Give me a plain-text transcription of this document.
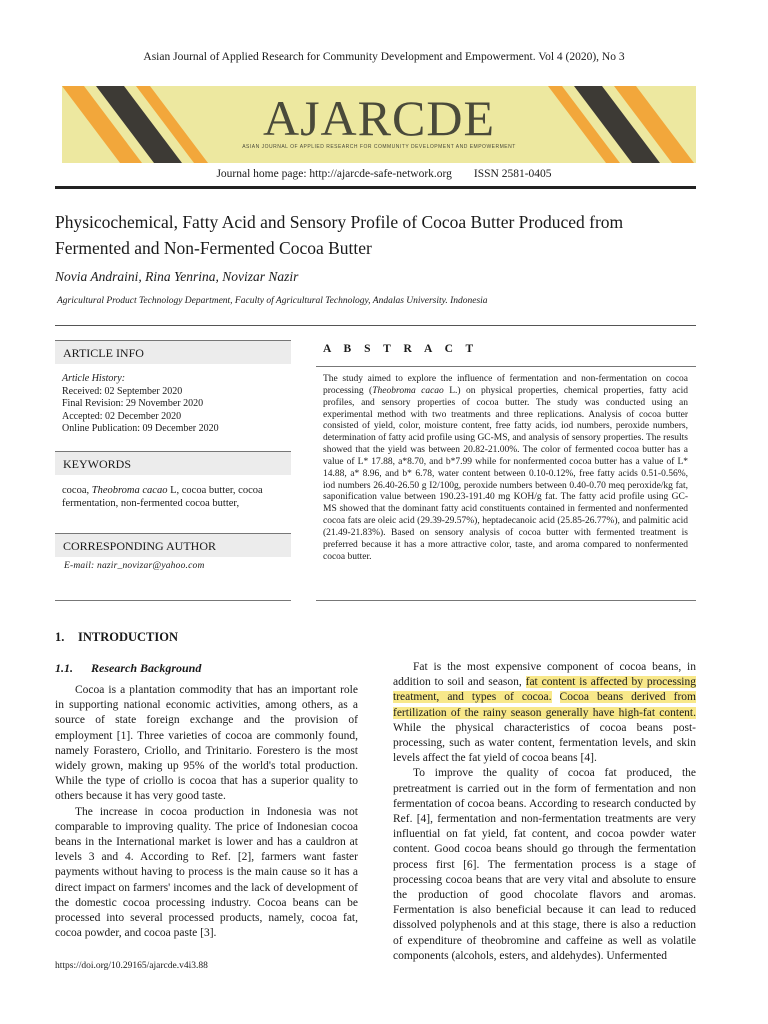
Asian Journal of Applied Research for Community Development and Empowerment. Vol 4 (2020), No 3
AJARCDE
ASIAN JOURNAL OF APPLIED RESEARCH FOR COMMUNITY DEVELOPMENT AND EMPOWERMENT
Journal home page: http://ajarcde-safe-network.org ISSN 2581-0405
Physicochemical, Fatty Acid and Sensory Profile of Cocoa Butter Produced from
Fermented and Non-Fermented Cocoa Butter
Novia Andraini, Rina Yenrina, Novizar Nazir
Agricultural Product Technology Department, Faculty of Agricultural Technology, Andalas University. Indonesia
ARTICLE INFO
Article History:
Received: 02 September 2020
Final Revision: 29 November 2020
Accepted: 02 December 2020
Online Publication: 09 December 2020
KEYWORDS
cocoa, Theobroma cacao L, cocoa butter, cocoa fermentation, non-fermented cocoa butter,
CORRESPONDING AUTHOR
E-mail: nazir_novizar@yahoo.com
A B S T R A C T
The study aimed to explore the influence of fermentation and non-fermentation on cocoa processing (Theobroma cacao L.) on physical properties, chemical properties, fatty acid profiles, and sensory properties of cocoa butter. The study was conducted using an experimental method with two treatments and three replications. Analysis of cocoa butter consisted of yield, color, moisture content, free fatty acids, iod numbers, peroxide numbers, determination of fatty acid profile using GC-MS, and analysis of sensory properties. The results showed that the yield was between 20.82-21.00%. The color of fermented cocoa butter has a value of L* 17.88, a*8.70, and b*7.99 while for nonfermented cocoa butter has a value of L* 14.88, a* 8.96, and b* 6.78, water content between 0.10-0.12%, free fatty acids 0.51-0.56%, iod numbers 26.40-26.50 g I2/100g, peroxide numbers between 0.40-0.70 meq peroxide/kg fat, saponification value between 190.23-191.40 mg KOH/g fat. The fatty acid profile using GC-MS showed that the dominant fatty acid constituents contained in fermented and nonfermented cocoa fats are oleic acid (29.39-29.57%), heptadecanoic acid (25.85-26.77%), and palmitic acid (21.49-21.83%). Based on sensory analysis of cocoa butter with fermented treatment is preferred because it has a more attractive color, taste, and aroma compared to nonfermented cocoa butter.
1. INTRODUCTION
1.1. Research Background

Cocoa is a plantation commodity that has an important role in supporting national economic activities, among others, as a source of state foreign exchange and the provision of employment [1]. Three varieties of cocoa are commonly found, namely Forastero, Criollo, and Trinitario. Forestero is the most widely grown, making up 95% of the world's total production. While the type of criollo is cocoa that has a superior quality to others because it has very good taste.

The increase in cocoa production in Indonesia was not comparable to improving quality. The price of Indonesian cocoa beans in the International market is lower and has a cauldron at levels 3 and 4. According to Ref. [2], farmers want faster payments without having to process is the main cause so it has a direct impact on farmers' incomes and the lack of development of the domestic cocoa processing industry. Cocoa beans can be processed into several processed products, namely, cocoa fat, cocoa powder, and cocoa paste [3].

Fat is the most expensive component of cocoa beans, in addition to soil and season, fat content is affected by processing treatment, and types of cocoa. Cocoa beans derived from fertilization of the rainy season generally have high-fat content. While the physical characteristics of cocoa beans post-processing, such as water content, fermentation levels, and skin levels affect the fat yield of cocoa beans [4].

To improve the quality of cocoa fat produced, the pretreatment is carried out in the form of fermentation and non fermentation of cocoa beans. According to research conducted by Ref. [4], fermentation and non-fermentation treatments are very influential on fat yield, fat content, and cocoa powder water content. Good cocoa beans should go through the fermentation process first [6]. The fermentation process is a stage of processing cocoa beans that are very vital and absolute to ensure the production of good chocolate flavors and aromas. Fermentation is also beneficial because it can lead to reduced dissolved polyphenols and at this stage, there is also a reduction of expenditure of theobromine and caffeine as well as volatile components (alcohols, esters, and aldehydes). Unfermented

https://doi.org/10.29165/ajarcde.v4i3.88
